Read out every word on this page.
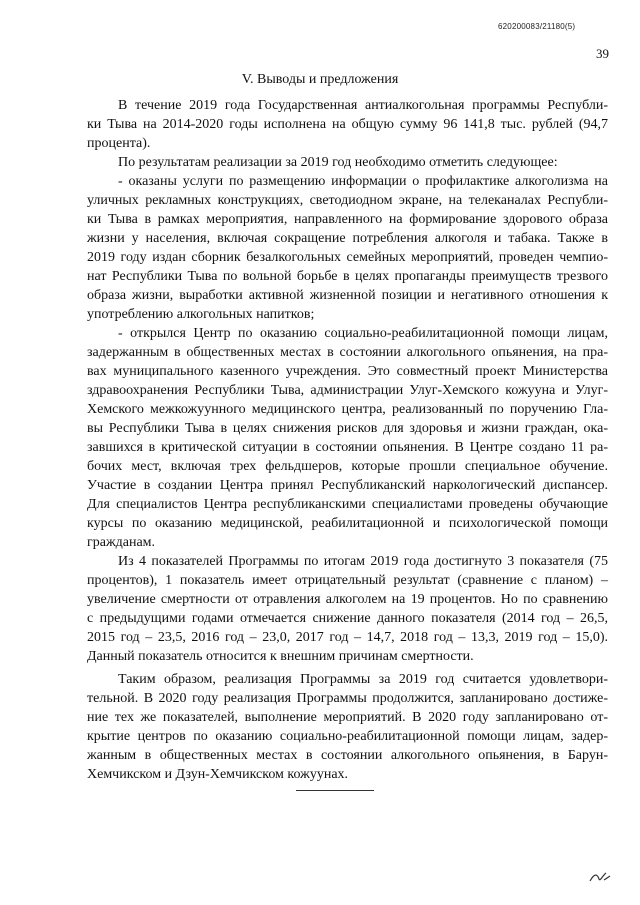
620200083/21180(5)
39
V. Выводы и предложения
В течение 2019 года Государственная антиалкогольная программы Республи-
ки Тыва на 2014-2020 годы исполнена на общую сумму 96 141,8 тыс. рублей (94,7
процента).
По результатам реализации за 2019 год необходимо отметить следующее:
- оказаны услуги по размещению информации о профилактике алкоголизма на
уличных рекламных конструкциях, светодиодном экране, на телеканалах Республи-
ки Тыва в рамках мероприятия, направленного на формирование здорового образа
жизни у населения, включая сокращение потребления алкоголя и табака. Также в
2019 году издан сборник безалкогольных семейных мероприятий, проведен чемпио-
нат Республики Тыва по вольной борьбе в целях пропаганды преимуществ трезвого
образа жизни, выработки активной жизненной позиции и негативного отношения к
употреблению алкогольных напитков;
- открылся Центр по оказанию социально-реабилитационной помощи лицам,
задержанным в общественных местах в состоянии алкогольного опьянения, на пра-
вах муниципального казенного учреждения. Это совместный проект Министерства
здравоохранения Республики Тыва, администрации Улуг-Хемского кожууна и Улуг-
Хемского межкожуунного медицинского центра, реализованный по поручению Гла-
вы Республики Тыва в целях снижения рисков для здоровья и жизни граждан, ока-
завшихся в критической ситуации в состоянии опьянения. В Центре создано 11 ра-
бочих мест, включая трех фельдшеров, которые прошли специальное обучение.
Участие в создании Центра принял Республиканский наркологический диспансер.
Для специалистов Центра республиканскими специалистами проведены обучающие
курсы по оказанию медицинской, реабилитационной и психологической помощи
гражданам.
Из 4 показателей Программы по итогам 2019 года достигнуто 3 показателя (75
процентов), 1 показатель имеет отрицательный результат (сравнение с планом) –
увеличение смертности от отравления алкоголем на 19 процентов. Но по сравнению
с предыдущими годами отмечается снижение данного показателя (2014 год – 26,5,
2015 год – 23,5, 2016 год – 23,0, 2017 год – 14,7, 2018 год – 13,3, 2019 год – 15,0).
Данный показатель относится к внешним причинам смертности.
Таким образом, реализация Программы за 2019 год считается удовлетвори-
тельной. В 2020 году реализация Программы продолжится, запланировано достиже-
ние тех же показателей, выполнение мероприятий. В 2020 году запланировано от-
крытие центров по оказанию социально-реабилитационной помощи лицам, задер-
жанным в общественных местах в состоянии алкогольного опьянения, в Барун-
Хемчикском и Дзун-Хемчикском кожуунах.
